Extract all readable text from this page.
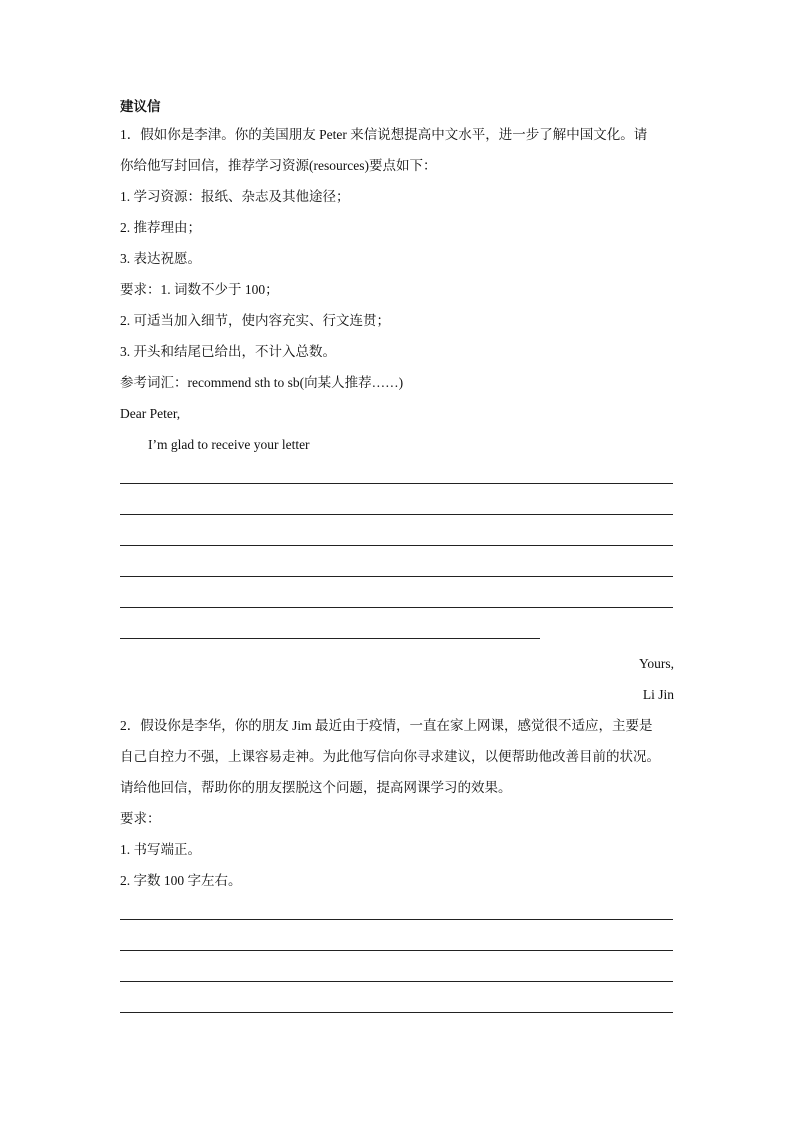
建议信
1．假如你是李津。你的美国朋友 Peter 来信说想提高中文水平，进一步了解中国文化。请
你给他写封回信，推荐学习资源(resources)要点如下：
1. 学习资源：报纸、杂志及其他途径；
2. 推荐理由；
3. 表达祝愿。
要求：1. 词数不少于 100；
2. 可适当加入细节，使内容充实、行文连贯；
3. 开头和结尾已给出，不计入总数。
参考词汇：recommend sth to sb(向某人推荐……)
Dear Peter,
I’m glad to receive your letter
Yours,
Li Jin
2．假设你是李华，你的朋友 Jim 最近由于疫情，一直在家上网课，感觉很不适应，主要是
自己自控力不强，上课容易走神。为此他写信向你寻求建议，以便帮助他改善目前的状况。
请给他回信，帮助你的朋友摆脱这个问题，提高网课学习的效果。
要求：
1. 书写端正。
2. 字数 100 字左右。
